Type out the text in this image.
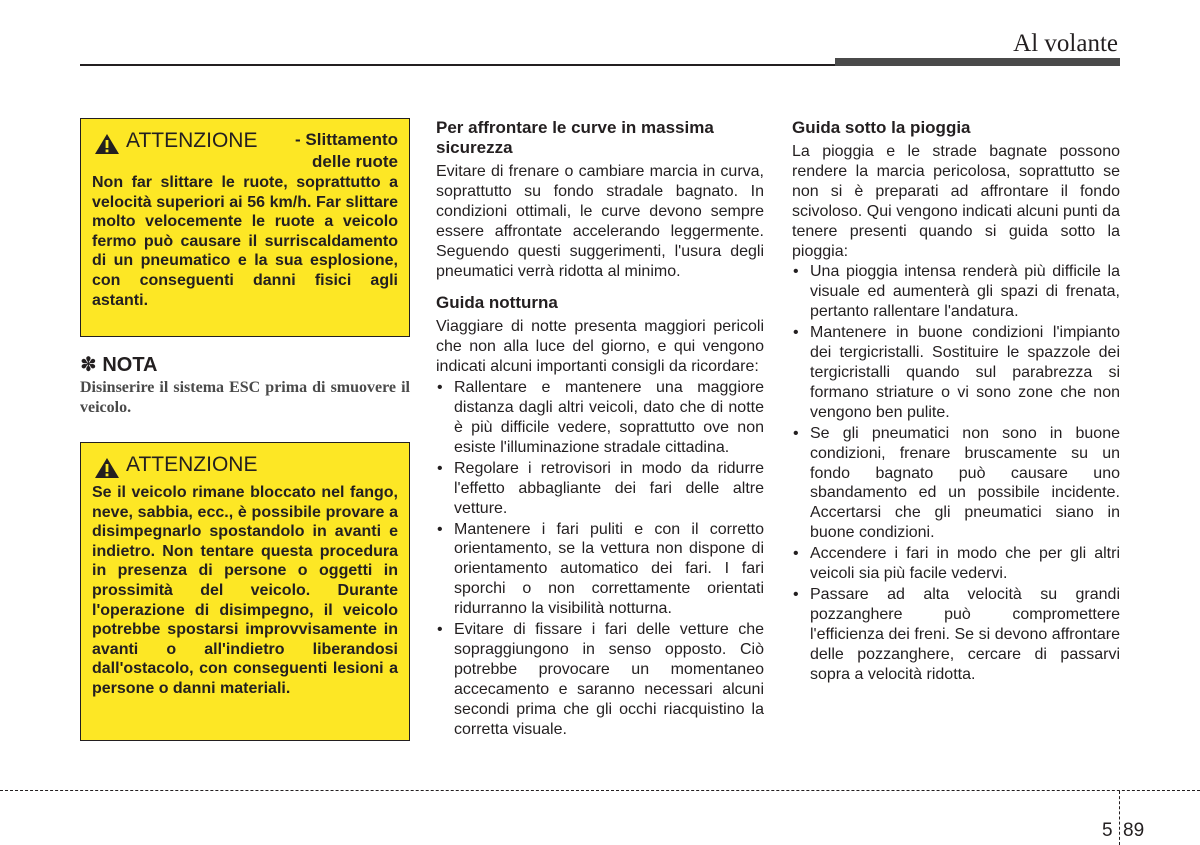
Al volante
ATTENZIONE	- Slittamento delle ruote
Non far slittare le ruote, soprattutto a velocità superiori ai 56 km/h. Far slittare molto velocemente le ruote a veicolo fermo può causare il surriscaldamento di un pneumatico e la sua esplosione, con conseguenti danni fisici agli astanti.
✽ NOTA
Disinserire il sistema ESC prima di smuovere il veicolo.
ATTENZIONE
Se il veicolo rimane bloccato nel fango, neve, sabbia, ecc., è possibile provare a disimpegnarlo spostandolo in avanti e indietro. Non tentare questa procedura in presenza di persone o oggetti in prossimità del veicolo. Durante l'operazione di disimpegno, il veicolo potrebbe spostarsi improvvisamente in avanti o all'indietro liberandosi dall'ostacolo, con conseguenti lesioni a persone o danni materiali.
Per affrontare le curve in massima sicurezza
Evitare di frenare o cambiare marcia in curva, soprattutto su fondo stradale bagnato. In condizioni ottimali, le curve devono sempre essere affrontate accelerando leggermente. Seguendo questi suggerimenti, l'usura degli pneumatici verrà ridotta al minimo.
Guida notturna
Viaggiare di notte presenta maggiori pericoli che non alla luce del giorno, e qui vengono indicati alcuni importanti consigli da ricordare:
• Rallentare e mantenere una maggiore distanza dagli altri veicoli, dato che di notte è più difficile vedere, soprattutto ove non esiste l'illuminazione stradale cittadina.
• Regolare i retrovisori in modo da ridurre l'effetto abbagliante dei fari delle altre vetture.
• Mantenere i fari puliti e con il corretto orientamento, se la vettura non dispone di orientamento automatico dei fari. I fari sporchi o non correttamente orientati ridurranno la visibilità notturna.
• Evitare di fissare i fari delle vetture che sopraggiungono in senso opposto. Ciò potrebbe provocare un momentaneo accecamento e saranno necessari alcuni secondi prima che gli occhi riacquistino la corretta visuale.
Guida sotto la pioggia
La pioggia e le strade bagnate possono rendere la marcia pericolosa, soprattutto se non si è preparati ad affrontare il fondo scivoloso. Qui vengono indicati alcuni punti da tenere presenti quando si guida sotto la pioggia:
• Una pioggia intensa renderà più difficile la visuale ed aumenterà gli spazi di frenata, pertanto rallentare l'andatura.
• Mantenere in buone condizioni l'impianto dei tergicristalli. Sostituire le spazzole dei tergicristalli quando sul parabrezza si formano striature o vi sono zone che non vengono ben pulite.
• Se gli pneumatici non sono in buone condizioni, frenare bruscamente su un fondo bagnato può causare uno sbandamento ed un possibile incidente. Accertarsi che gli pneumatici siano in buone condizioni.
• Accendere i fari in modo che per gli altri veicoli sia più facile vedervi.
• Passare ad alta velocità su grandi pozzanghere può compromettere l'efficienza dei freni. Se si devono affrontare delle pozzanghere, cercare di passarvi sopra a velocità ridotta.
5 89
